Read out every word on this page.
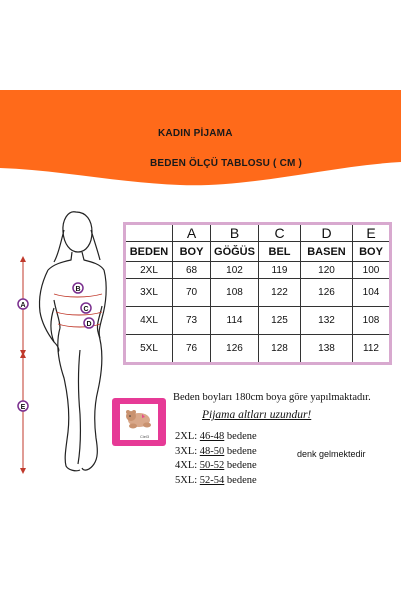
KADIN PİJAMA
BEDEN ÖLÇÜ TABLOSU ( CM )
A
E
B
C
D
	A	B	C	D	E
BEDEN	BOY	GÖĞÜS	BEL	BASEN	BOY
2XL	68	102	119	120	100
3XL	70	108	122	126	104
4XL	73	114	125	132	108
5XL	76	126	128	138	112
Beden boyları 180cm boya göre yapılmaktadır.
Pijama altları uzundur!
Ciel3 2XL: 46-48 bedene
3XL: 48-50 bedene
4XL: 50-52 bedene
5XL: 52-54 bedene
denk gelmektedir
